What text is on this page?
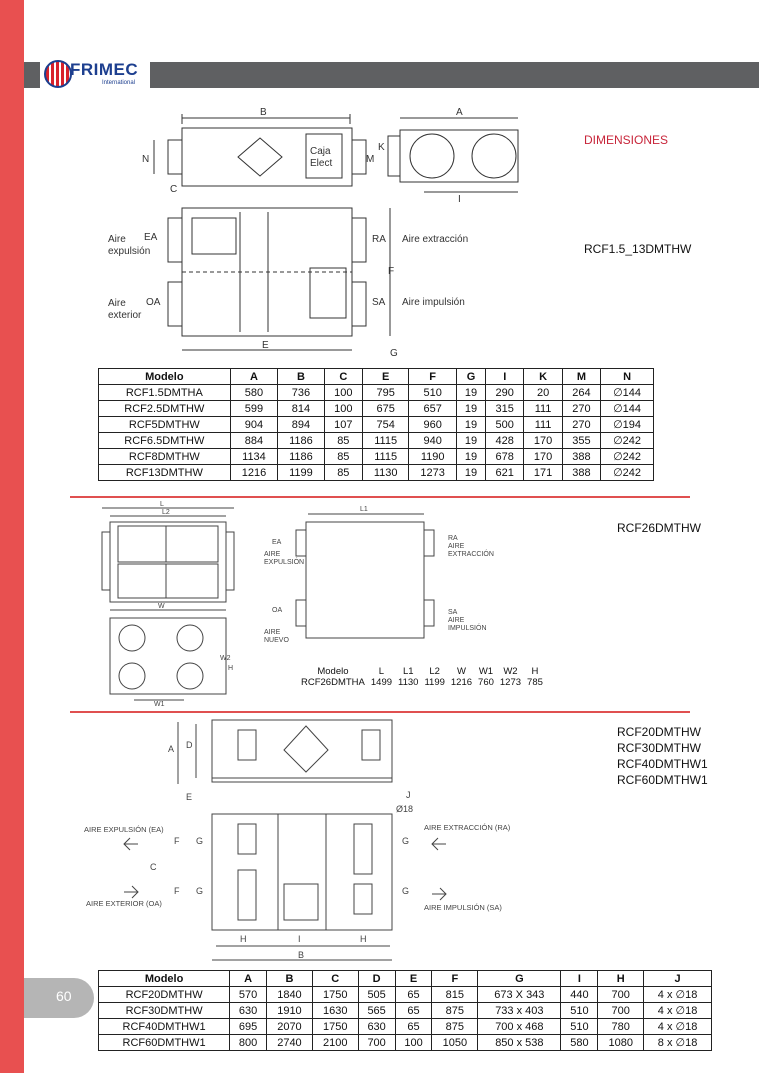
FRIMEC
International
60
DIMENSIONES
RCF1.5_13DMTHW
RCF26DMTHW
RCF20DMTHW
RCF30DMTHW
RCF40DMTHW1
RCF60DMTHW1
B
Caja
Elect
N
A
M
K
I
C
EA	RA
OA	SA
Aire
expulsión
Aire
exterior
Aire extracción
Aire impulsión
F
E
G
Modelo	A	B	C	E	F	G	I	K	M	N
RCF1.5DMTHA	580	736	100	795	510	19	290	20	264	∅144
RCF2.5DMTHW	599	814	100	675	657	19	315	111	270	∅144
RCF5DMTHW	904	894	107	754	960	19	500	111	270	∅194
RCF6.5DMTHW	884	1186	85	1115	940	19	428	170	355	∅242
RCF8DMTHW	1134	1186	85	1115	1190	19	678	170	388	∅242
RCF13DMTHW	1216	1199	85	1130	1273	19	621	171	388	∅242
L
L2
W
W1
W2
H
L1
EA
AIRE
EXPULSIÓN
OA
AIRE
NUEVO
RA
AIRE
EXTRACCIÓN
SA
AIRE
IMPULSIÓN
Modelo	L	L1	L2	W	W1	W2	H
RCF26DMTHA	1499	1130	1199	1216	760	1273	785
A D
E	J
Ø18
F
C
F
G
G
G
G
AIRE EXPULSIÓN (EA)
AIRE EXTERIOR (OA)
AIRE EXTRACCIÓN (RA)
AIRE IMPULSIÓN (SA)
H	I	H
B
Modelo	A	B	C	D	E	F	G	I	H	J
RCF20DMTHW	570	1840	1750	505	65	815	673 X 343	440	700	4 x ∅18
RCF30DMTHW	630	1910	1630	565	65	875	733 x 403	510	700	4 x ∅18
RCF40DMTHW1	695	2070	1750	630	65	875	700 x 468	510	780	4 x ∅18
RCF60DMTHW1	800	2740	2100	700	100	1050	850 x 538	580	1080	8 x ∅18
